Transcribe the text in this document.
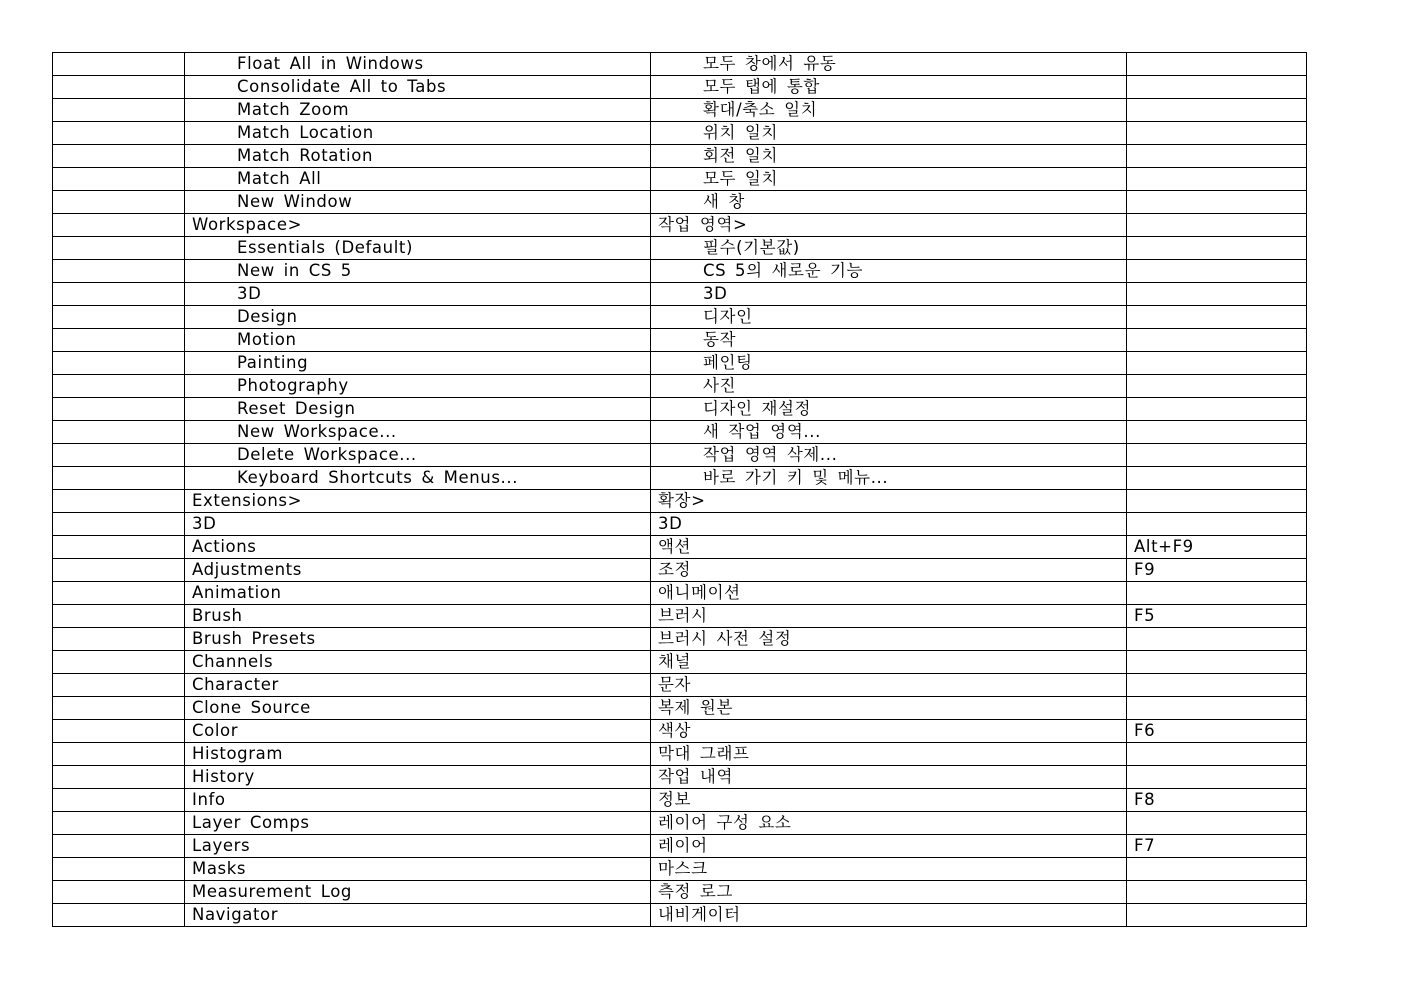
	Float All in Windows	모두 창에서 유동	
	Consolidate All to Tabs	모두 탭에 통합	
	Match Zoom	확대/축소 일치	
	Match Location	위치 일치	
	Match Rotation	회전 일치	
	Match All	모두 일치	
	New Window	새 창	
	Workspace>	작업 영역>	
	Essentials (Default)	필수(기본값)	
	New in CS 5	CS 5의 새로운 기능	
	3D	3D	
	Design	디자인	
	Motion	동작	
	Painting	페인팅	
	Photography	사진	
	Reset Design	디자인 재설정	
	New Workspace...	새 작업 영역...	
	Delete Workspace...	작업 영역 삭제...	
	Keyboard Shortcuts & Menus...	바로 가기 키 및 메뉴...	
	Extensions>	확장>	
	3D	3D	
	Actions	액션	Alt+F9
	Adjustments	조정	F9
	Animation	애니메이션	
	Brush	브러시	F5
	Brush Presets	브러시 사전 설정	
	Channels	채널	
	Character	문자	
	Clone Source	복제 원본	
	Color	색상	F6
	Histogram	막대 그래프	
	History	작업 내역	
	Info	정보	F8
	Layer Comps	레이어 구성 요소	
	Layers	레이어	F7
	Masks	마스크	
	Measurement Log	측정 로그	
	Navigator	내비게이터	
